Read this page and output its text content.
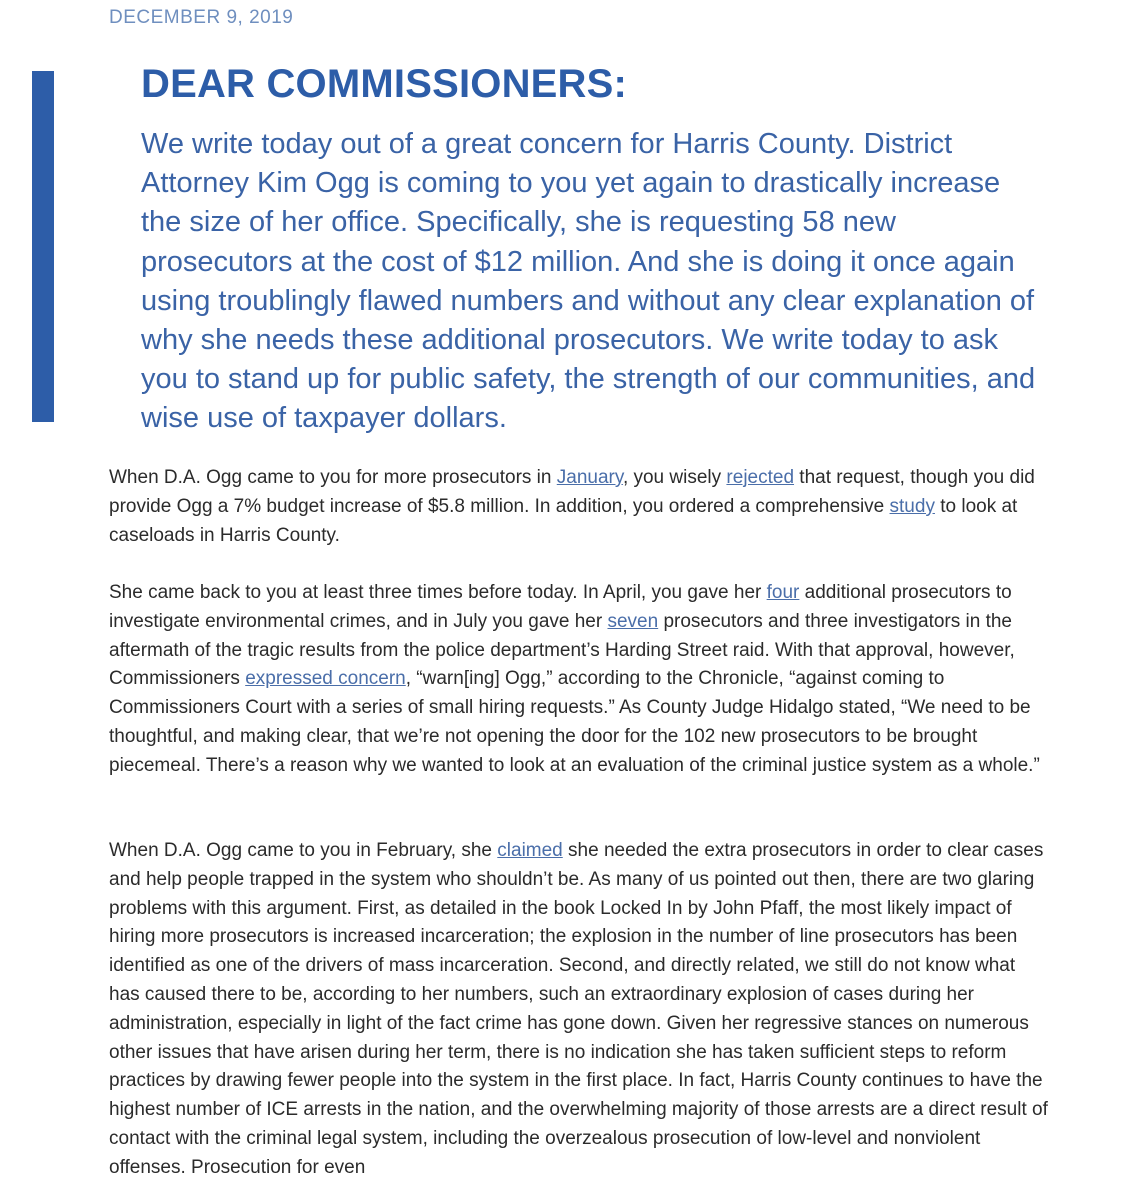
DECEMBER 9, 2019
DEAR COMMISSIONERS:

We write today out of a great concern for Harris County. District Attorney Kim Ogg is coming to you yet again to drastically increase the size of her office. Specifically, she is requesting 58 new prosecutors at the cost of $12 million. And she is doing it once again using troublingly flawed numbers and without any clear explanation of why she needs these additional prosecutors. We write today to ask you to stand up for public safety, the strength of our communities, and wise use of taxpayer dollars.

When D.A. Ogg came to you for more prosecutors in January, you wisely rejected that request, though you did provide Ogg a 7% budget increase of $5.8 million. In addition, you ordered a comprehensive study to look at caseloads in Harris County.

She came back to you at least three times before today. In April, you gave her four additional prosecutors to investigate environmental crimes, and in July you gave her seven prosecutors and three investigators in the aftermath of the tragic results from the police department’s Harding Street raid. With that approval, however, Commissioners expressed concern, “warn[ing] Ogg,” according to the Chronicle, “against coming to Commissioners Court with a series of small hiring requests.” As County Judge Hidalgo stated, “We need to be thoughtful, and making clear, that we’re not opening the door for the 102 new prosecutors to be brought piecemeal. There’s a reason why we wanted to look at an evaluation of the criminal justice system as a whole.”

When D.A. Ogg came to you in February, she claimed she needed the extra prosecutors in order to clear cases and help people trapped in the system who shouldn’t be. As many of us pointed out then, there are two glaring problems with this argument. First, as detailed in the book Locked In by John Pfaff, the most likely impact of hiring more prosecutors is increased incarceration; the explosion in the number of line prosecutors has been identified as one of the drivers of mass incarceration. Second, and directly related, we still do not know what has caused there to be, according to her numbers, such an extraordinary explosion of cases during her administration, especially in light of the fact crime has gone down. Given her regressive stances on numerous other issues that have arisen during her term, there is no indication she has taken sufficient steps to reform practices by drawing fewer people into the system in the first place. In fact, Harris County continues to have the highest number of ICE arrests in the nation, and the overwhelming majority of those arrests are a direct result of contact with the criminal legal system, including the overzealous prosecution of low-level and nonviolent offenses. Prosecution for even
